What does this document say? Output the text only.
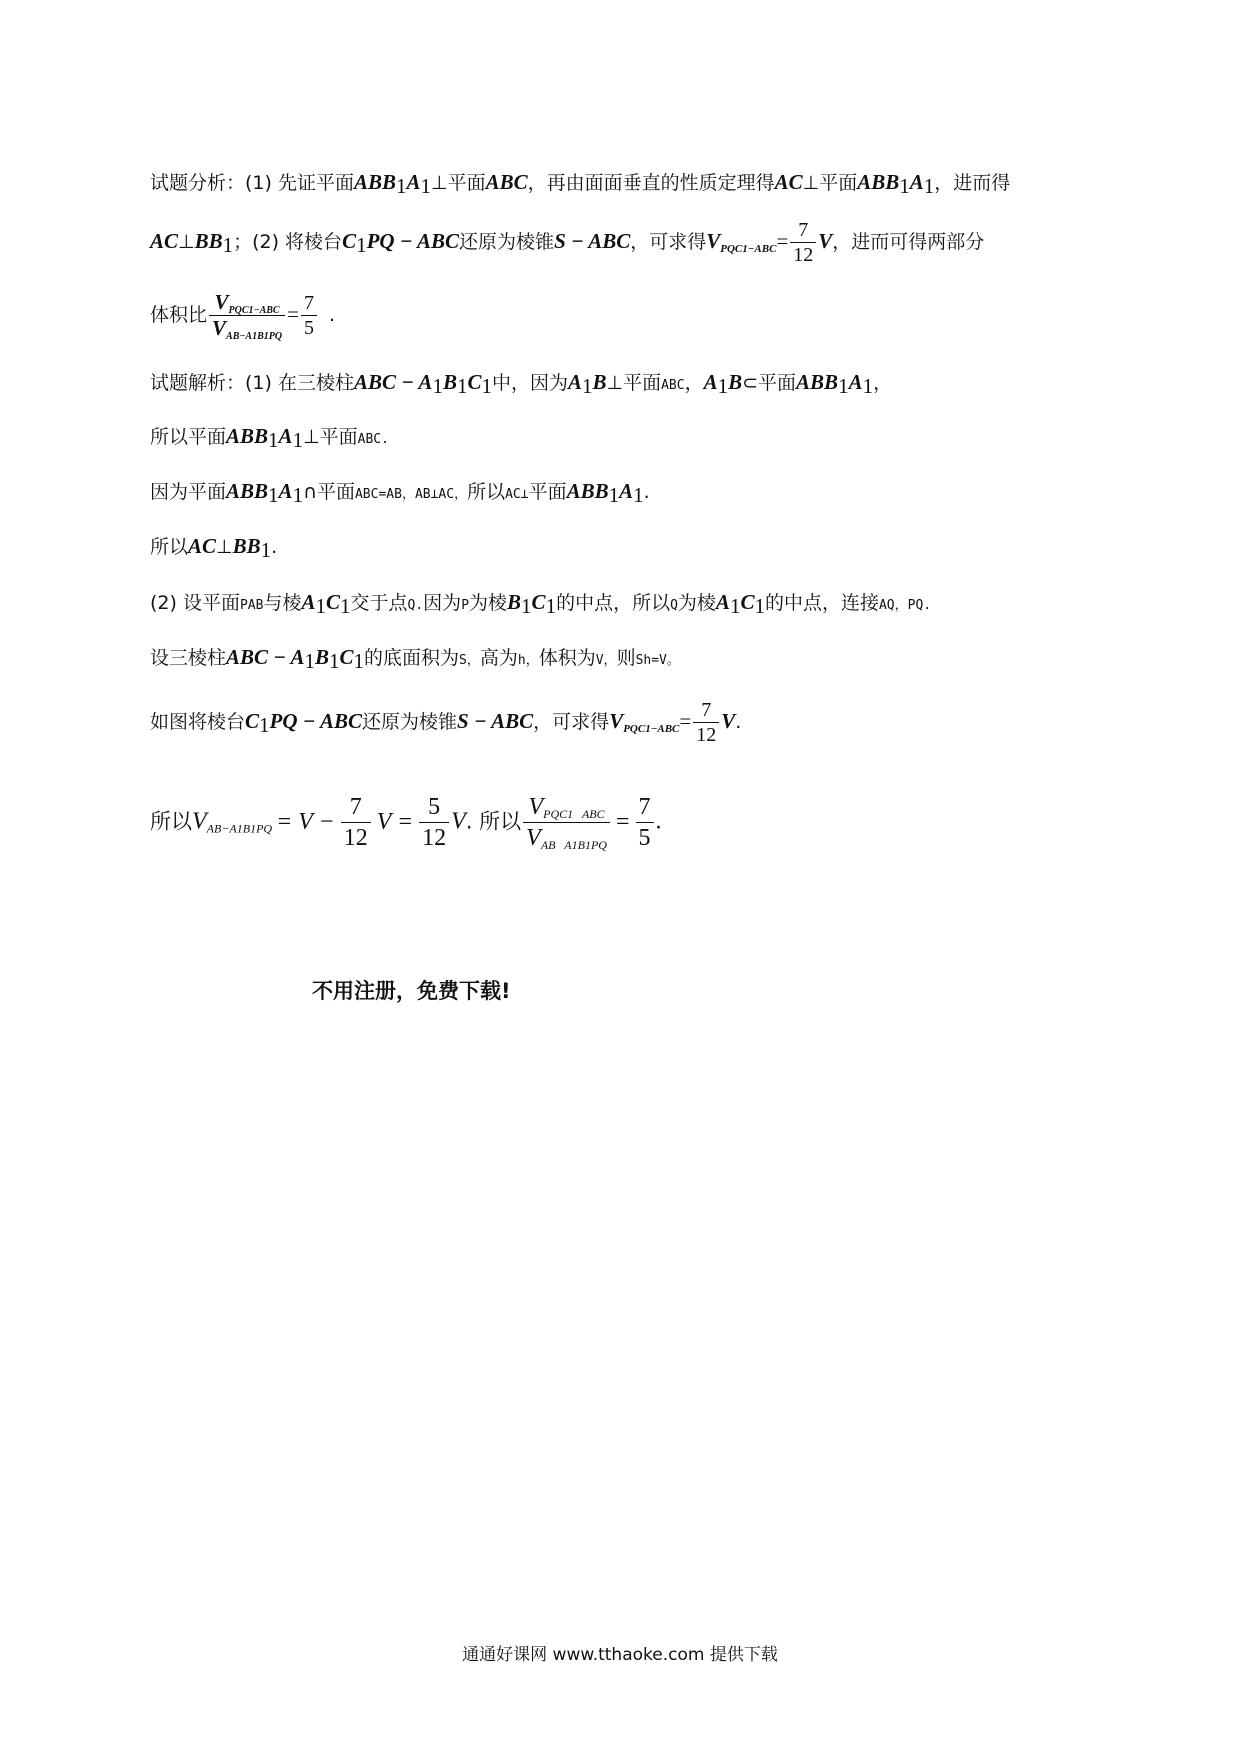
试题分析：(1) 先证平面$ABB_1A_1\perp$平面ABC，再由面面垂直的性质定理得AC⊥平面$ABB_1A_1$，进而得
$AC\perp BB_1$；(2) 将棱台$C_1PQ$ − ABC还原为棱锥S − ABC，可求得$V_{PQC1-ABC}= \frac{7}{12}$ V，进而可得两部分
体积比 $\frac{V_{PQC1-ABC}}{V_{AB-A1B1PQ}} = \frac{7}{5}$ .
试题解析：(1) 在三棱柱ABC − $A_1B_1C_1$中，因为$A_1B\perp$平面ABC，$A_1B\subset$平面$ABB_1A_1$，
所以平面$ABB_1A_1\perp$平面ABC.
因为平面$ABB_1A_1\cap$平面ABC=AB，AB⊥AC，所以AC⊥平面$ABB_1A_1$.
所以$AC\perp BB_1$.
(2) 设平面PAB与棱$A_1C_1$交于点Q.因为P为棱$B_1C_1$的中点，所以Q为棱$A_1C_1$的中点，连接AQ，PQ.
设三棱柱ABC − $A_1B_1C_1$的底面积为S，高为h，体积为V，则Sh=V。
如图将棱台$C_1PQ$ − ABC还原为棱锥S − ABC，可求得$V_{PQC1-ABC}= \frac{7}{12} V$.
所以$V_{AB-A1B1PQ} = V - \frac{7}{12}$ $V = \frac{5}{12} V$. 所以 $\frac{V_{PQC1 ABC}}{V_{AB A1B1PQ}} = \frac{7}{5}$ .
不用注册，免费下载!
通通好课网 www.tthaoke.com 提供下载
